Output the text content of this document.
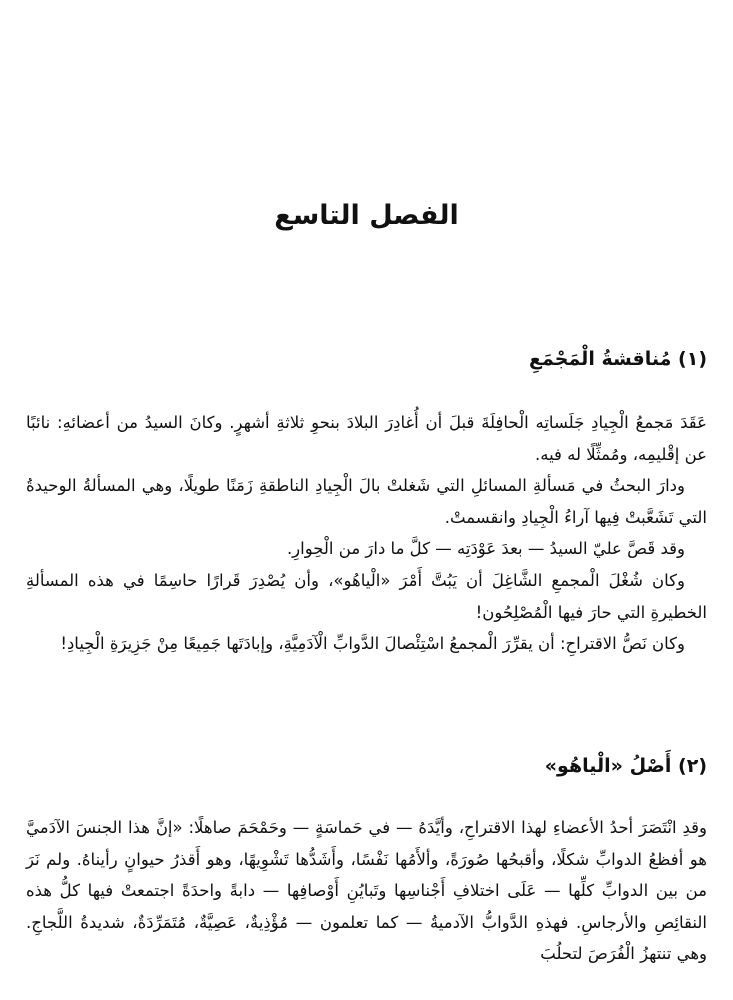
الفصل التاسع
(١) مُناقشةُ الْمَجْمَعِ

عَقَدَ مَجمعُ الْجِيادِ جَلَساتِه الْحافِلَةَ قبلَ أن أُغادِرَ البلادَ بنحوِ ثلاثةِ أشهرٍ. وكانَ السيدُ من أعضائهِ: نائبًا عن إقْليمِه، ومُمثِّلًا له فيه.

ودارَ البحثُ في مَسألةِ المسائلِ التي شَغلتْ بالَ الْجِيادِ الناطقةِ زَمَنًا طويلًا، وهي المسألةُ الوحيدةُ التي تَشَعَّبتْ فِيها آراءُ الْجِيادِ وانقسمتْ.

وقد قَصَّ عليّ السيدُ — بعدَ عَوْدَتِه — كلَّ ما دارَ من الْحِوارِ.

وكان شُغْلَ الْمجمعِ الشَّاغِلَ أن يَبُتَّ أَمْرَ «الْياهُو»، وأن يُصْدِرَ قَرارًا حاسِمًا في هذه المسألةِ الخطيرةِ التي حارَ فيها الْمُصْلِحُون!

وكان نَصُّ الاقتراحِ: أن يقرِّرَ الْمجمعُ اسْتِئْصالَ الدَّوابِّ الْآدَمِيَّةِ، وإبادَتَها جَمِيعًا مِنْ جَزِيرَةِ الْجِيادِ!

(٢) أَصْلُ «الْياهُو»

وقدِ انْتَصَرَ أحدُ الأعضاءِ لهذا الاقتراحِ، وأيَّدَهُ — في حَماسَةٍ — وحَمْحَمَ صاهلًا: «إنَّ هذا الجنسَ الآدَميَّ هو أفظعُ الدوابِّ شكلًا، وأقبحُها صُورَةً، وألأَمُها نَفْسًا، وأَشَدُّها تَشْوِيهًا، وهو أَقذرُ حيوانٍ رأيناهُ. ولم نَرَ من بين الدوابِّ كلِّها — عَلَى اختلافِ أَجْناسِها وتَبايُنِ أَوْصافِها — دابةً واحدَةً اجتمعتْ فيها كلُّ هذه النقائِصِ والأرجاسِ. فهذهِ الدَّوابُّ الآدميةُ — كما تعلمون — مُؤْذِيةٌ، عَصِيَّةٌ، مُتَمَرِّدَةٌ، شديدةُ اللَّجاجِ. وهي تنتهزُ الْفُرَصَ لتحلُبَ
